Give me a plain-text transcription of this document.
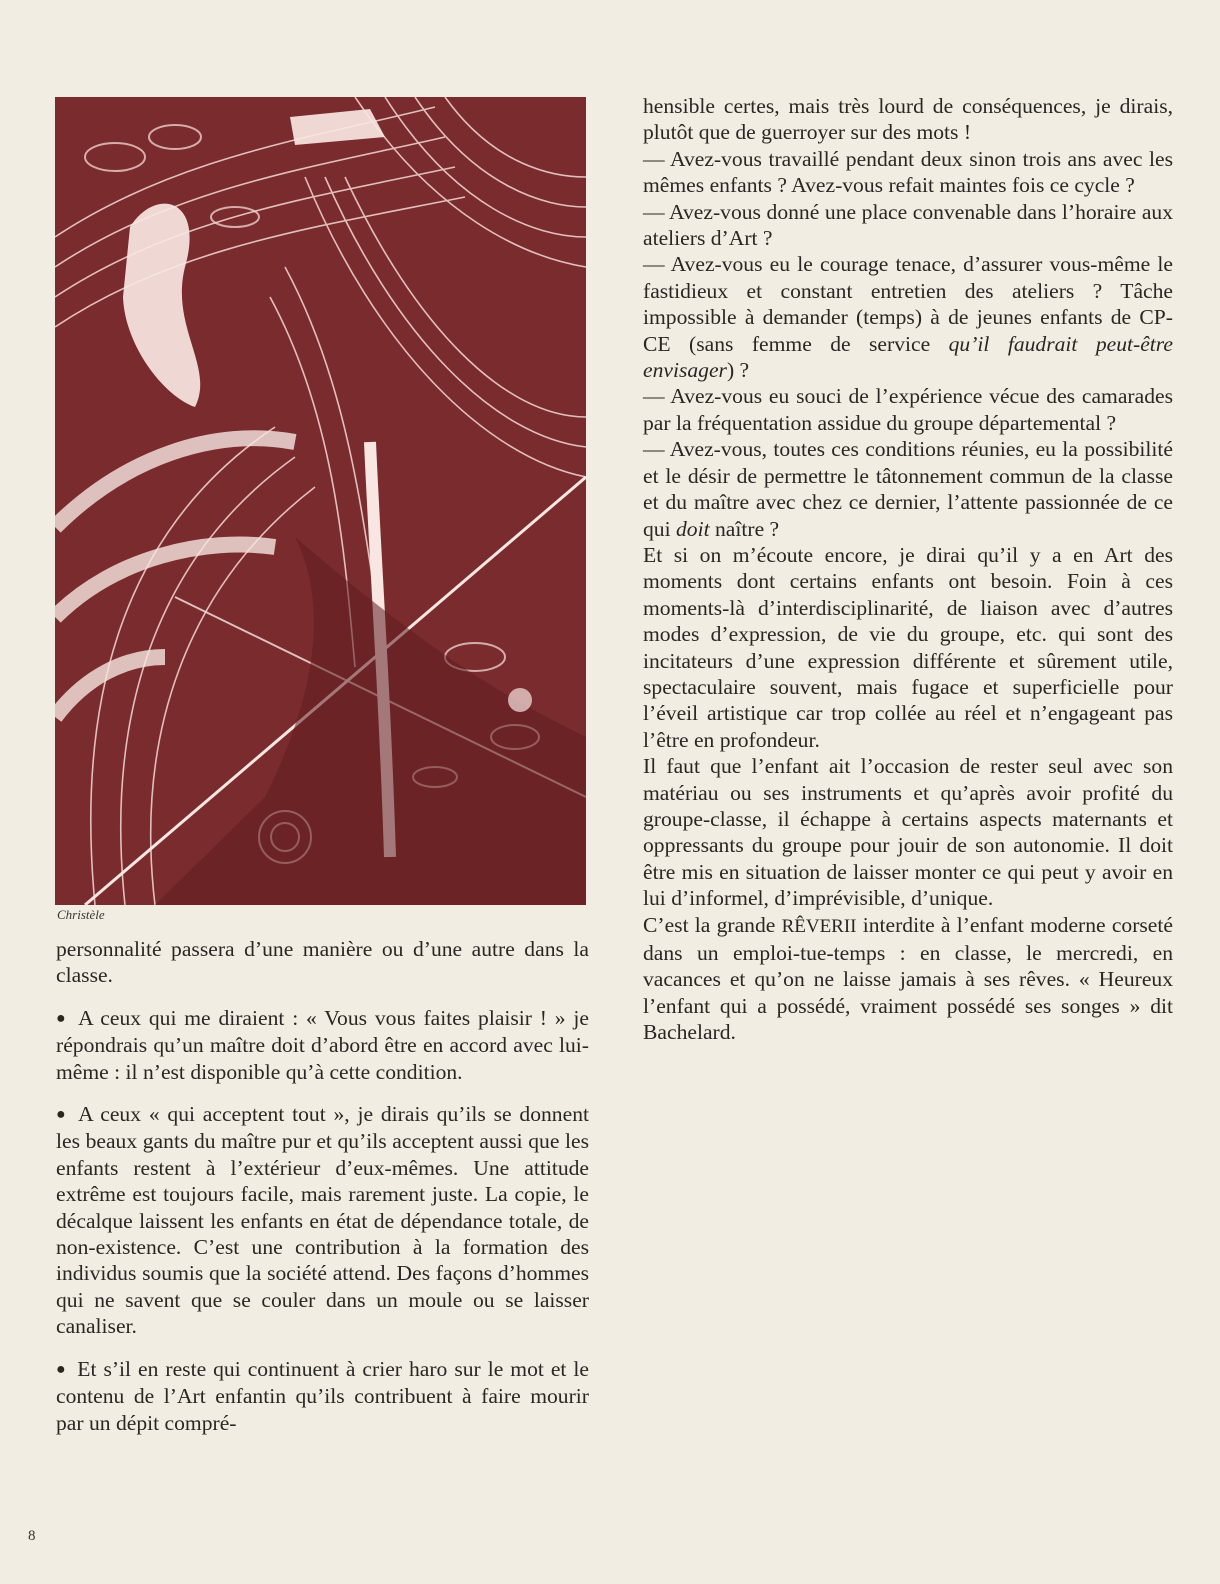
Christèle

personnalité passera d’une manière ou d’une autre dans la classe.

● A ceux qui me diraient : « Vous vous faites plaisir ! » je répondrais qu’un maître doit d’abord être en accord avec lui-même : il n’est disponible qu’à cette condition.

● A ceux « qui acceptent tout », je dirais qu’ils se donnent les beaux gants du maître pur et qu’ils acceptent aussi que les enfants restent à l’extérieur d’eux-mêmes. Une attitude extrême est toujours facile, mais rarement juste. La copie, le décalque laissent les enfants en état de dépendance totale, de non-existence. C’est une contribution à la formation des individus soumis que la société attend. Des façons d’hommes qui ne savent que se couler dans un moule ou se laisser canaliser.

● Et s’il en reste qui continuent à crier haro sur le mot et le contenu de l’Art enfantin qu’ils contribuent à faire mourir par un dépit compré-

hensible certes, mais très lourd de conséquences, je dirais, plutôt que de guerroyer sur des mots !

— Avez-vous travaillé pendant deux sinon trois ans avec les mêmes enfants ? Avez-vous refait maintes fois ce cycle ?

— Avez-vous donné une place convenable dans l’horaire aux ateliers d’Art ?

— Avez-vous eu le courage tenace, d’assurer vous-même le fastidieux et constant entretien des ateliers ? Tâche impossible à demander (temps) à de jeunes enfants de CP-CE (sans femme de service qu’il faudrait peut-être envisager) ?

— Avez-vous eu souci de l’expérience vécue des camarades par la fréquentation assidue du groupe départemental ?

— Avez-vous, toutes ces conditions réunies, eu la possibilité et le désir de permettre le tâtonnement commun de la classe et du maître avec chez ce dernier, l’attente passionnée de ce qui doit naître ?

Et si on m’écoute encore, je dirai qu’il y a en Art des moments dont certains enfants ont besoin. Foin à ces moments-là d’interdisciplinarité, de liaison avec d’autres modes d’expression, de vie du groupe, etc. qui sont des incitateurs d’une expression différente et sûrement utile, spectaculaire souvent, mais fugace et superficielle pour l’éveil artistique car trop collée au réel et n’engageant pas l’être en profondeur.

Il faut que l’enfant ait l’occasion de rester seul avec son matériau ou ses instruments et qu’après avoir profité du groupe-classe, il échappe à certains aspects maternants et oppressants du groupe pour jouir de son autonomie. Il doit être mis en situation de laisser monter ce qui peut y avoir en lui d’informel, d’imprévisible, d’unique.

C’est la grande RÊVERII interdite à l’enfant moderne corseté dans un emploi-tue-temps : en classe, le mercredi, en vacances et qu’on ne laisse jamais à ses rêves. « Heureux l’enfant qui a possédé, vraiment possédé ses songes » dit Bachelard.

8
